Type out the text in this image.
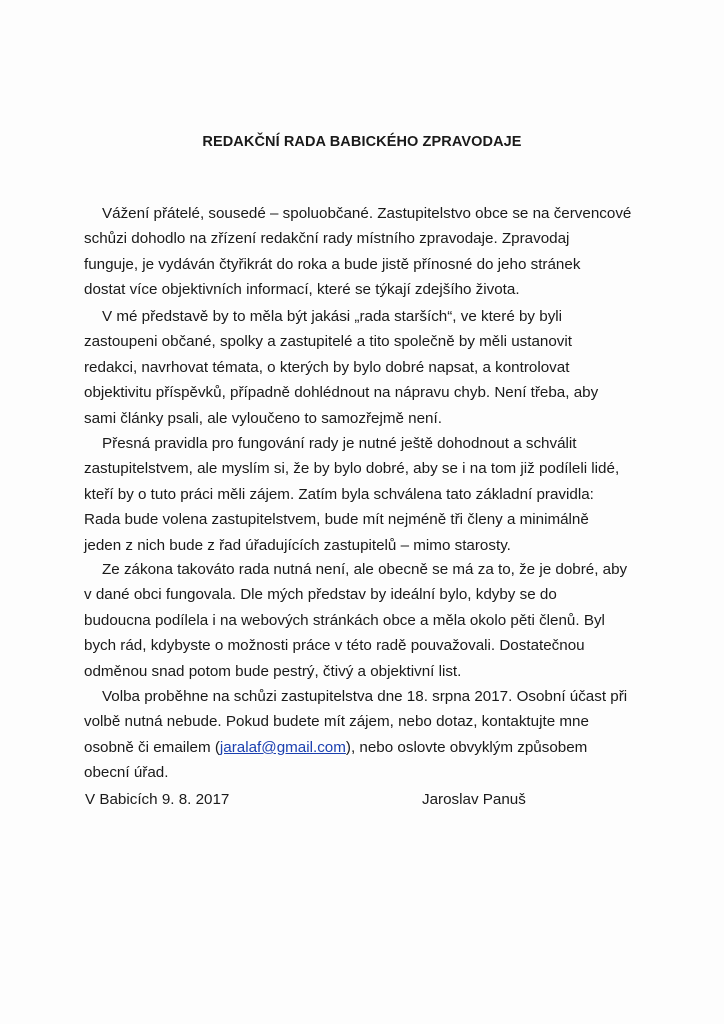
REDAKČNÍ RADA BABICKÉHO ZPRAVODAJE
Vážení přátelé, sousedé – spoluobčané. Zastupitelstvo obce se na červencové
schůzi dohodlo na zřízení redakční rady místního zpravodaje. Zpravodaj
funguje, je vydáván čtyřikrát do roka a bude jistě přínosné do jeho stránek
dostat více objektivních informací, které se týkají zdejšího života.
V mé představě by to měla být jakási „rada starších“, ve které by byli
zastoupeni občané, spolky a zastupitelé a tito společně by měli ustanovit
redakci, navrhovat témata, o kterých by bylo dobré napsat, a kontrolovat
objektivitu příspěvků, případně dohlédnout na nápravu chyb. Není třeba, aby
sami články psali, ale vyloučeno to samozřejmě není.
Přesná pravidla pro fungování rady je nutné ještě dohodnout a schválit
zastupitelstvem, ale myslím si, že by bylo dobré, aby se i na tom již podíleli lidé,
kteří by o tuto práci měli zájem. Zatím byla schválena tato základní pravidla:
Rada bude volena zastupitelstvem, bude mít nejméně tři členy a minimálně
jeden z nich bude z řad úřadujících zastupitelů – mimo starosty.
Ze zákona takováto rada nutná není, ale obecně se má za to, že je dobré, aby
v dané obci fungovala. Dle mých představ by ideální bylo, kdyby se do
budoucna podílela i na webových stránkách obce a měla okolo pěti členů. Byl
bych rád, kdybyste o možnosti práce v této radě pouvažovali. Dostatečnou
odměnou snad potom bude pestrý, čtivý a objektivní list.
Volba proběhne na schůzi zastupitelstva dne 18. srpna 2017. Osobní účast při
volbě nutná nebude. Pokud budete mít zájem, nebo dotaz, kontaktujte mne
osobně či emailem (jaralaf@gmail.com), nebo oslovte obvyklým způsobem
obecní úřad.
V Babicích 9. 8. 2017	Jaroslav Panuš
